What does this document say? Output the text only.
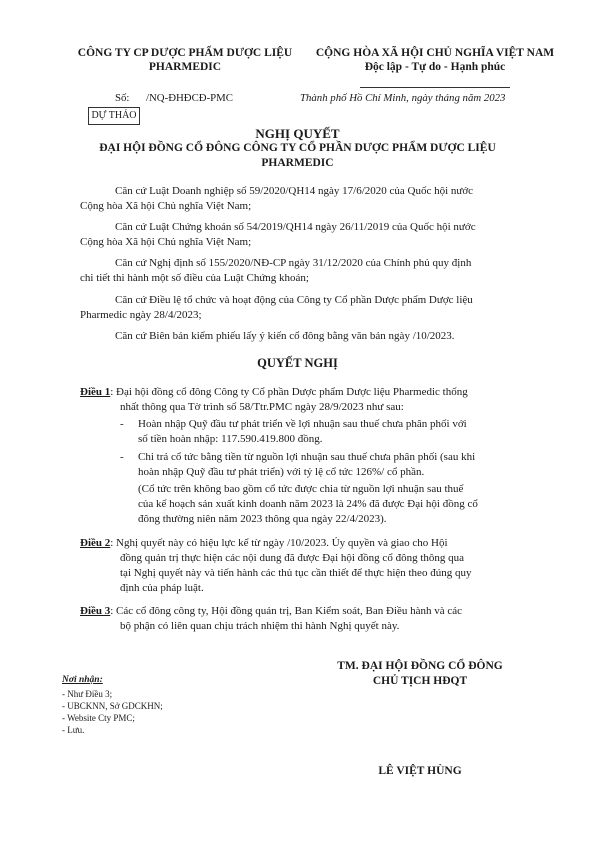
CÔNG TY CP DƯỢC PHẨM DƯỢC LIỆU
PHARMEDIC
CỘNG HÒA XÃ HỘI CHỦ NGHĨA VIỆT NAM
Độc lập - Tự do - Hạnh phúc
Số: /NQ-ĐHĐCĐ-PMC	Thành phố Hồ Chí Minh, ngày tháng năm 2023
DỰ THẢO
NGHỊ QUYẾT
ĐẠI HỘI ĐỒNG CỔ ĐÔNG CÔNG TY CỔ PHẦN DƯỢC PHẨM DƯỢC LIỆU
PHARMEDIC
Căn cứ Luật Doanh nghiệp số 59/2020/QH14 ngày 17/6/2020 của Quốc hội nước
Cộng hòa Xã hội Chủ nghĩa Việt Nam;
Căn cứ Luật Chứng khoán số 54/2019/QH14 ngày 26/11/2019 của Quốc hội nước
Cộng hòa Xã hội Chủ nghĩa Việt Nam;
Căn cứ Nghị định số 155/2020/NĐ-CP ngày 31/12/2020 của Chính phủ quy định
chi tiết thi hành một số điều của Luật Chứng khoán;
Căn cứ Điều lệ tổ chức và hoạt động của Công ty Cổ phần Dược phẩm Dược liệu
Pharmedic ngày 28/4/2023;
Căn cứ Biên bản kiểm phiếu lấy ý kiến cổ đông bằng văn bản ngày /10/2023.
QUYẾT NGHỊ
Điều 1: Đại hội đồng cổ đông Công ty Cổ phần Dược phẩm Dược liệu Pharmedic thống
nhất thông qua Tờ trình số 58/Ttr.PMC ngày 28/9/2023 như sau:
- Hoàn nhập Quỹ đầu tư phát triển về lợi nhuận sau thuế chưa phân phối với
số tiền hoàn nhập: 117.590.419.800 đồng.
- Chi trả cổ tức bằng tiền từ nguồn lợi nhuận sau thuế chưa phân phối (sau khi
hoàn nhập Quỹ đầu tư phát triển) với tỷ lệ cổ tức 126%/ cổ phần.
(Cổ tức trên không bao gồm cổ tức được chia từ nguồn lợi nhuận sau thuế
của kế hoạch sản xuất kinh doanh năm 2023 là 24% đã được Đại hội đồng cổ
đông thường niên năm 2023 thông qua ngày 22/4/2023).
Điều 2: Nghị quyết này có hiệu lực kể từ ngày /10/2023. Ủy quyền và giao cho Hội
đồng quản trị thực hiện các nội dung đã được Đại hội đồng cổ đông thông qua
tại Nghị quyết này và tiến hành các thủ tục cần thiết để thực hiện theo đúng quy
định của pháp luật.
Điều 3: Các cổ đông công ty, Hội đồng quản trị, Ban Kiểm soát, Ban Điều hành và các
bộ phận có liên quan chịu trách nhiệm thi hành Nghị quyết này.
TM. ĐẠI HỘI ĐỒNG CỔ ĐÔNG
CHỦ TỊCH HĐQT
LÊ VIỆT HÙNG
Nơi nhận:
- Như Điều 3;
- UBCKNN, Sở GDCKHN;
- Website Cty PMC;
- Lưu.
